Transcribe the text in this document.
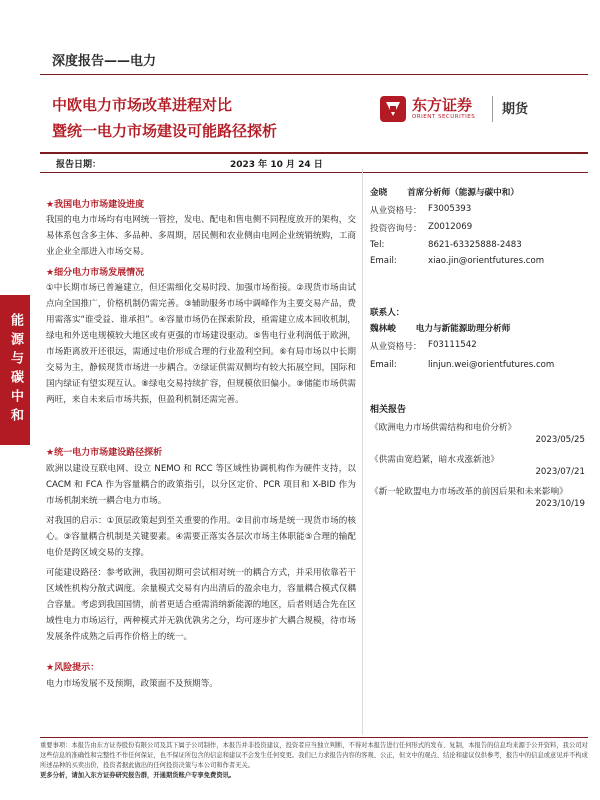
深度报告——电力
中欧电力市场改革进程对比
暨统一电力市场建设可能路径探析
东方证券
ORIENT SECURITIES 期货
报告日期：	2023 年 10 月 24 日
能源与碳中和
★我国电力市场建设进度

我国的电力市场均有电网统一管控，发电、配电和售电侧不同程度放开的架构，交易体系包含多主体、多品种、多周期，居民侧和农业侧由电网企业统销统购，工商业企业全部进入市场交易。

★细分电力市场发展情况

①中长期市场已普遍建立，但还需细化交易时段、加强市场衔接。②现货市场由试点向全国推广，价格机制仍需完善。③辅助服务市场中调峰作为主要交易产品，费用需落实“谁受益、谁承担”。④容量市场仍在探索阶段，亟需建立成本回收机制，绿电和外送电规模较大地区或有更强的市场建设驱动。⑤售电行业利润低于欧洲，市场距离放开还很远，需通过电价形成合理的行业盈利空间。⑥有局市场以中长期交易为主，静候现货市场进一步耦合。⑦绿证供需双侧均有较大拓展空间，国际和国内绿证有望实现互认。⑧绿电交易持续扩容，但规模依旧偏小。⑨储能市场供需两旺，来自未来后市场共振，但盈利机制还需完善。

★统一电力市场建设路径探析

欧洲以建设互联电网、设立 NEMO 和 RCC 等区域性协调机构作为硬件支持，以 CACM 和 FCA 作为容量耦合的政策指引，以分区定价、PCR 项目和 X-BID 作为市场机制来统一耦合电力市场。

对我国的启示：①顶层政策起到至关重要的作用。②目前市场是统一现货市场的核心。③容量耦合机制是关键要素。④需要正落实各层次市场主体职能⑤合理的输配电价是跨区域交易的支撑。

可能建设路径：参考欧洲，我国初期可尝试相对统一的耦合方式，并采用依靠若干区域性机构分散式调度。余量模式交易有内出清后的盈余电力，容量耦合模式仅耦合容量。考虑到我国国情，前者更适合亟需消纳新能源的地区，后者则适合先在区域性电力市场运行，两种模式并无孰优孰劣之分，均可逐步扩大耦合规模，待市场发展条件成熟之后再作价格上的统一。

★风险提示：

电力市场发展不及预期，政策面不及预期等。

金晓 首席分析师（能源与碳中和）
从业资格号： F3005393
投资咨询号： Z0012069
Tel:	8621-63325888-2483
Email:	xiao.jin@orientfutures.com
联系人：
魏林峻 电力与新能源助理分析师
从业资格号： F03111542
Email:	linjun.wei@orientfutures.com
相关报告
《欧洲电力市场供需结构和电价分析》
2023/05/25
《供需由宽趋紧，暗水戎涨新池》
2023/07/21
《新一轮欧盟电力市场改革的前因后果和未来影响》
2023/10/19
重要事项：本报告由东方证券股份有限公司及其下属子公司制作，本报告并非投资建议，投资者应当独立判断，不得对本报告进行任何形式的发布、复制，本报告的信息均来源于公开资料，我公司对这些信息的准确性和完整性不作任何保证，也不保证所包含的信息和建议不会发生任何变更。我们已力求报告内容的客观、公正，但文中的观点、结论和建议仅供参考，报告中的信息或意见并不构成所述品种的买卖出价，投资者据此做出的任何投资决策与本公司和作者无关。
更多分析，请加入东方证券研究报告群，开通期货账户专享免费资讯。
